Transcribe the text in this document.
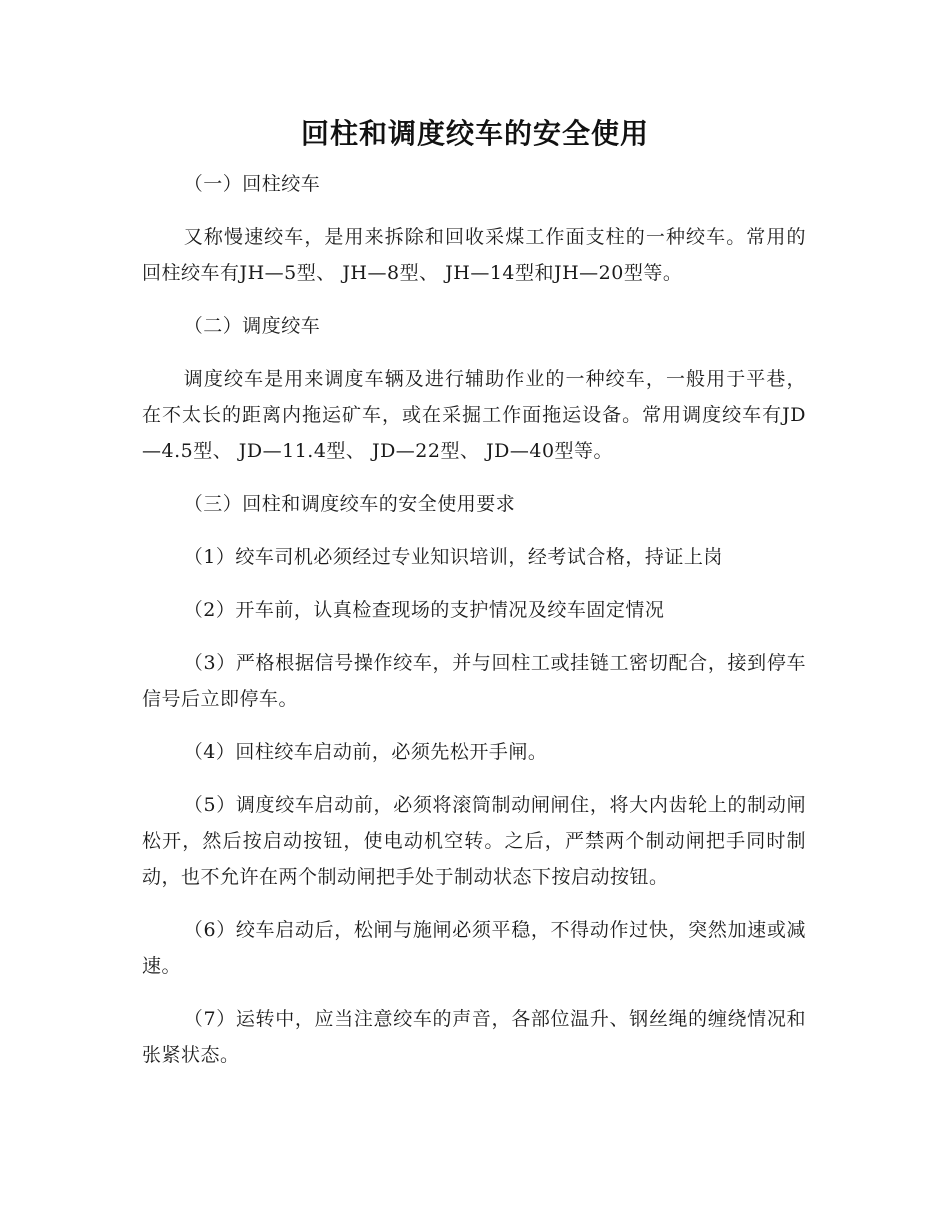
回柱和调度绞车的安全使用
（一）回柱绞车

又称慢速绞车，是用来拆除和回收采煤工作面支柱的一种绞车。常用的回柱绞车有JH—5型、 JH—8型、 JH—14型和JH—20型等。

（二）调度绞车

调度绞车是用来调度车辆及进行辅助作业的一种绞车，一般用于平巷，在不太长的距离内拖运矿车，或在采掘工作面拖运设备。常用调度绞车有JD—4.5型、 JD—11.4型、 JD—22型、 JD—40型等。

（三）回柱和调度绞车的安全使用要求

（1）绞车司机必须经过专业知识培训，经考试合格，持证上岗

（2）开车前，认真检查现场的支护情况及绞车固定情况

（3）严格根据信号操作绞车，并与回柱工或挂链工密切配合，接到停车信号后立即停车。

（4）回柱绞车启动前，必须先松开手闸。

（5）调度绞车启动前，必须将滚筒制动闸闸住，将大内齿轮上的制动闸松开，然后按启动按钮，使电动机空转。之后，严禁两个制动闸把手同时制动，也不允许在两个制动闸把手处于制动状态下按启动按钮。

（6）绞车启动后，松闸与施闸必须平稳，不得动作过快，突然加速或减速。

（7）运转中，应当注意绞车的声音，各部位温升、钢丝绳的缠绕情况和张紧状态。
